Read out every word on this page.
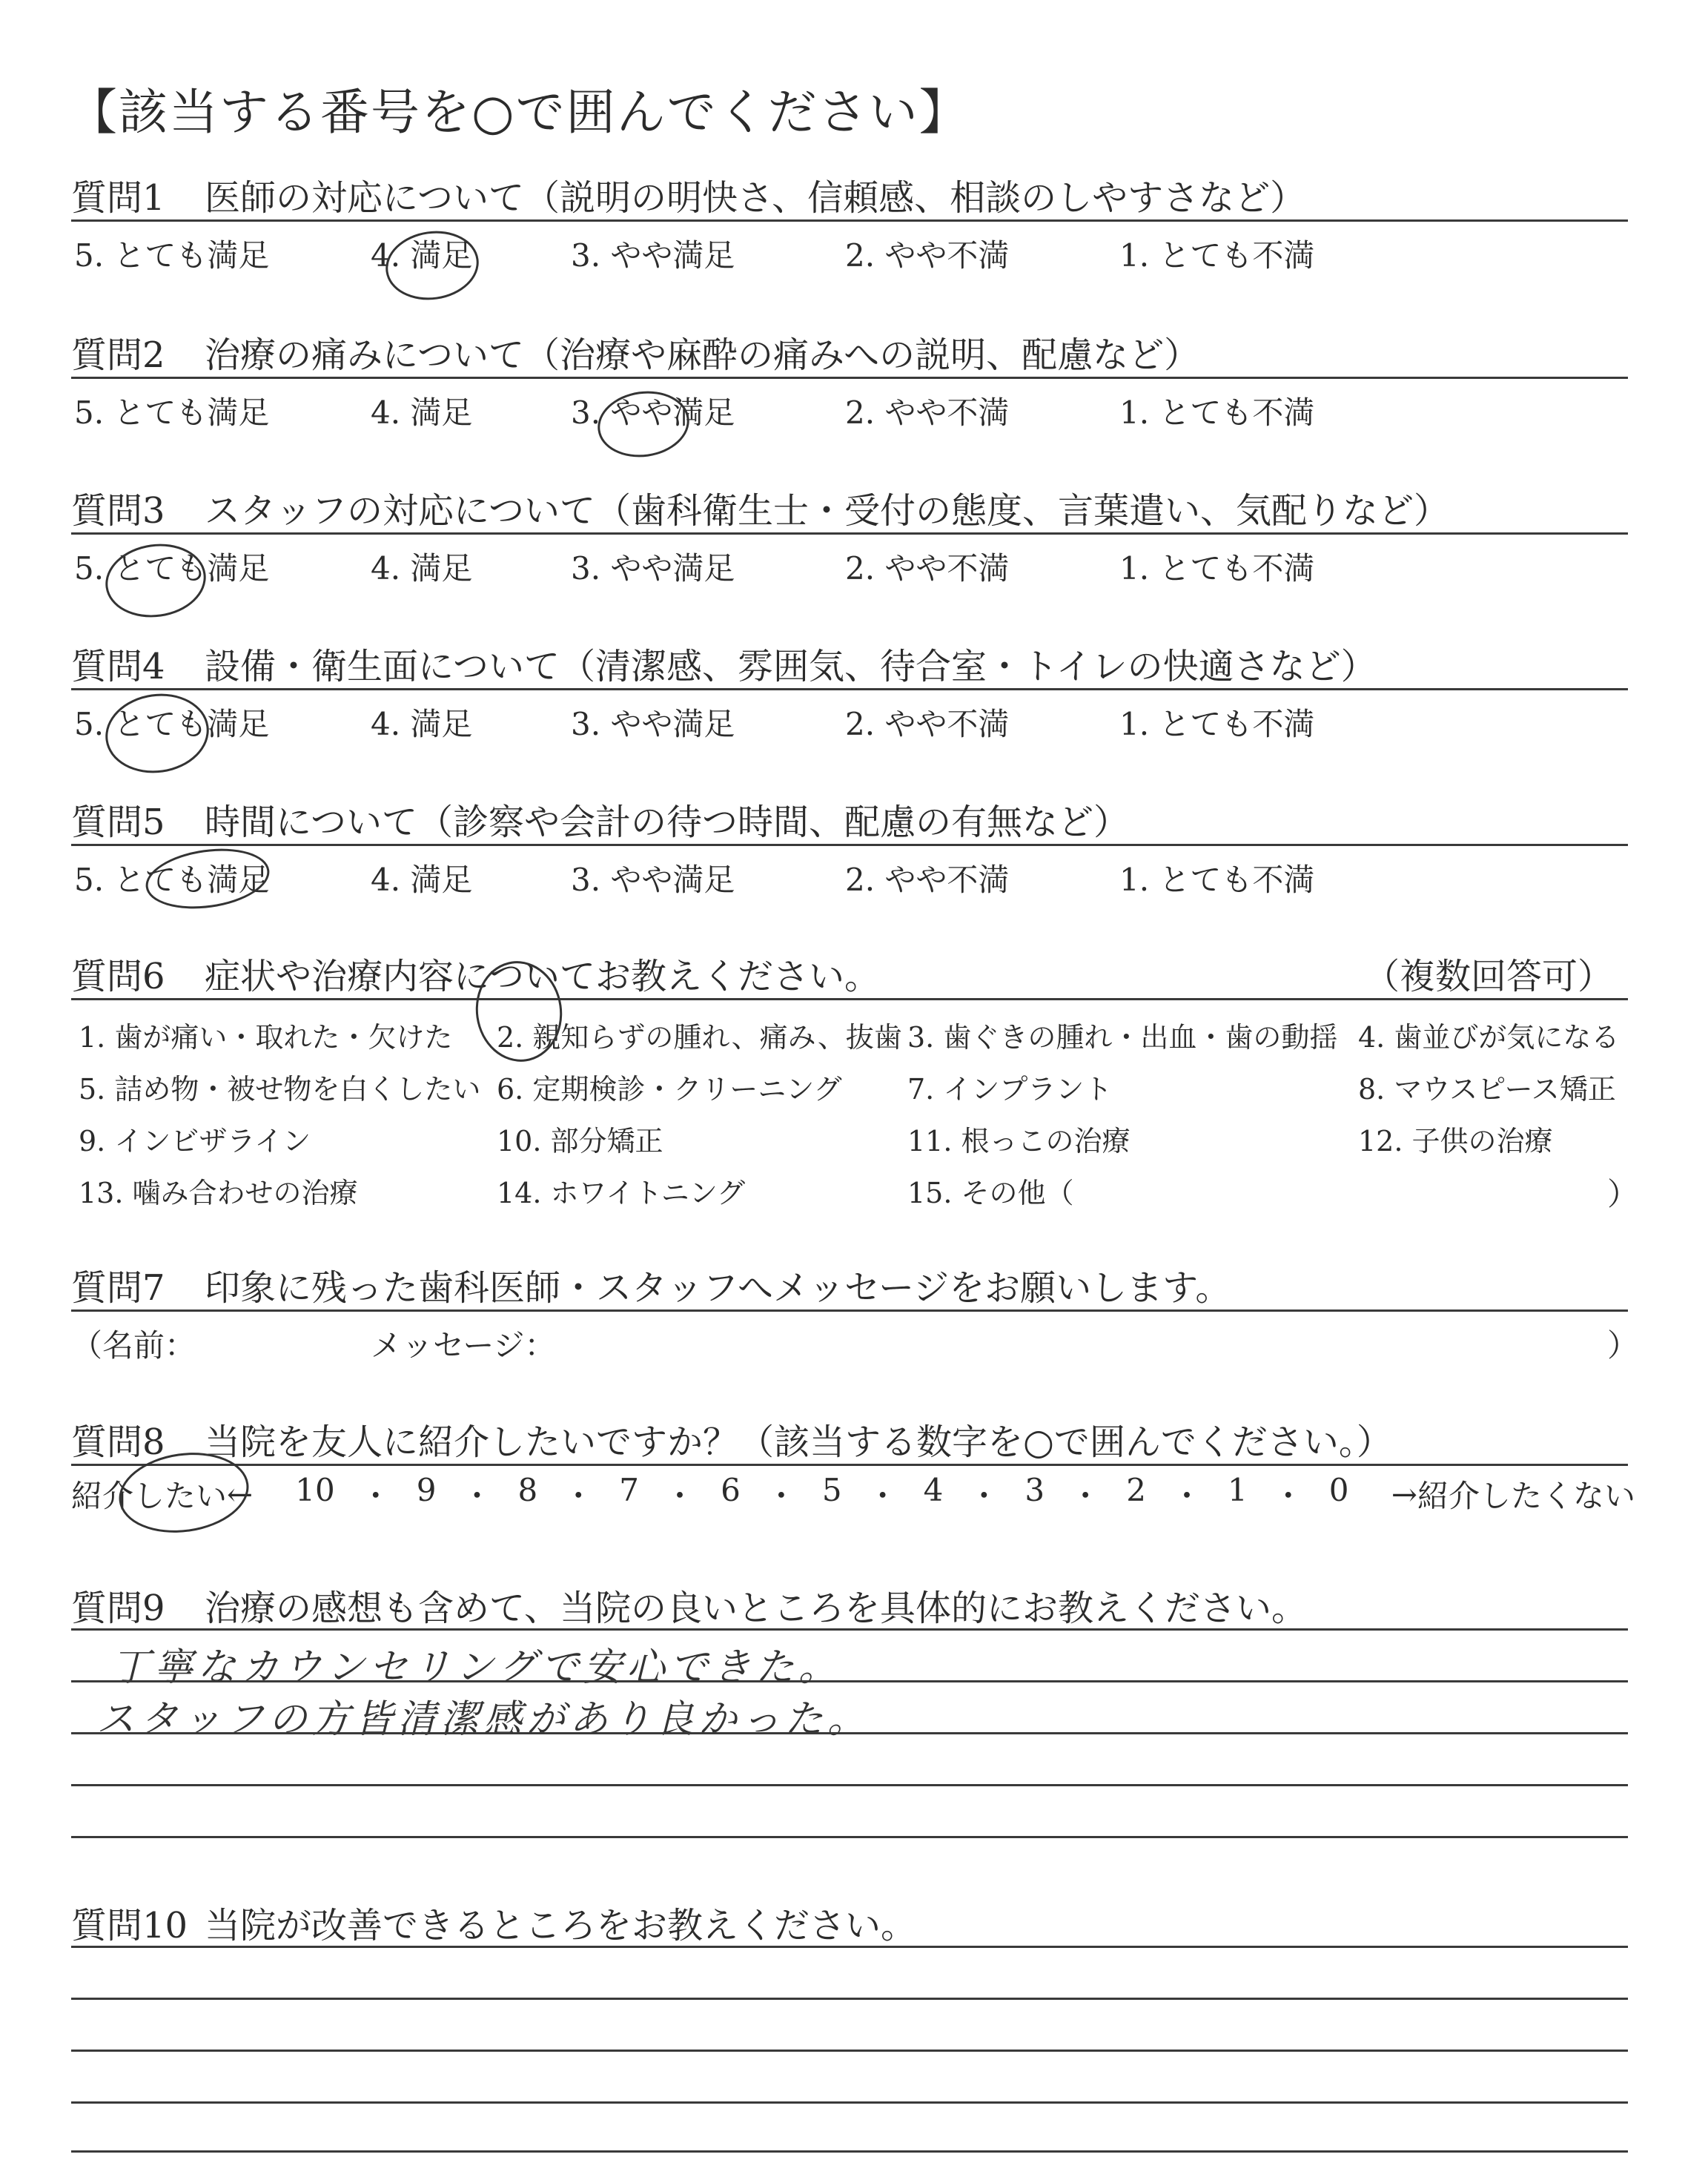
【該当する番号を○で囲んでください】
質問1 医師の対応について（説明の明快さ、信頼感、相談のしやすさなど）
5. とても満足	4. 満足	3. やや満足	2. やや不満	1. とても不満
質問2 治療の痛みについて（治療や麻酔の痛みへの説明、配慮など）
5. とても満足	4. 満足	3. やや満足	2. やや不満	1. とても不満
質問3 スタッフの対応について（歯科衛生士・受付の態度、言葉遣い、気配りなど）
5. とても満足	4. 満足	3. やや満足	2. やや不満	1. とても不満
質問4 設備・衛生面について（清潔感、雰囲気、待合室・トイレの快適さなど）
5. とても満足	4. 満足	3. やや満足	2. やや不満	1. とても不満
質問5 時間について（診察や会計の待つ時間、配慮の有無など）
5. とても満足	4. 満足	3. やや満足	2. やや不満	1. とても不満
質問6 症状や治療内容についてお教えください。	（複数回答可）
1. 歯が痛い・取れた・欠けた 2. 親知らずの腫れ、痛み、抜歯 3. 歯ぐきの腫れ・出血・歯の動揺 4. 歯並びが気になる
5. 詰め物・被せ物を白くしたい 6. 定期検診・クリーニング 7. インプラント	8. マウスピース矯正
9. インビザライン	10. 部分矯正	11. 根っこの治療	12. 子供の治療
13. 噛み合わせの治療	14. ホワイトニング	15. その他（	）
質問7 印象に残った歯科医師・スタッフへメッセージをお願いします。
（名前：	メッセージ：	）
質問8 当院を友人に紹介したいですか？（該当する数字を○で囲んでください。）
紹介したい ← 10 ・ 9 ・ 8 ・ 7 ・ 6 ・ 5 ・ 4 ・ 3 ・ 2 ・ 1 ・ 0 → 紹介したくない
質問9 治療の感想も含めて、当院の良いところを具体的にお教えください。
丁寧なカウンセリングで安心できた。
スタッフの方皆清潔感があり良かった。
質問10 当院が改善できるところをお教えください。
